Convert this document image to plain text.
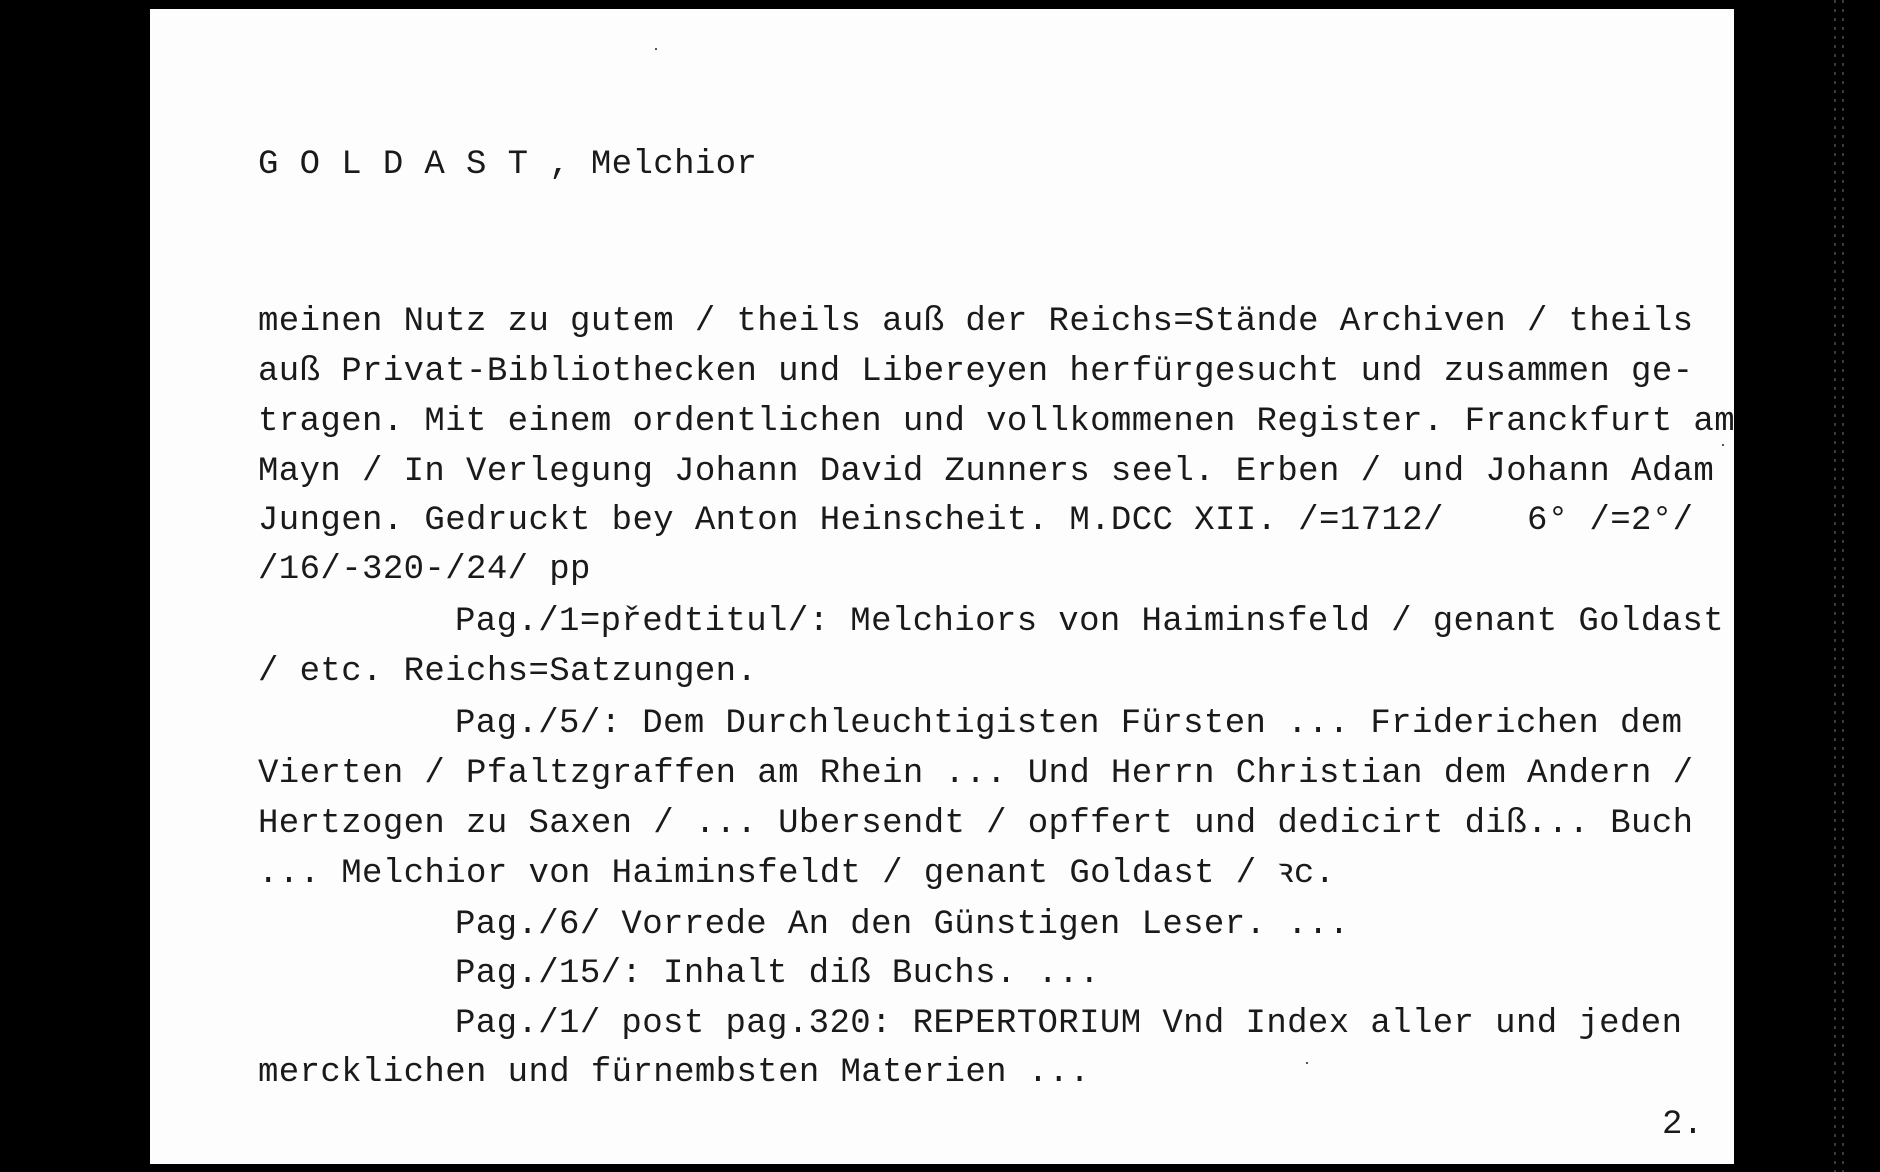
G O L D A S T , Melchior
meinen Nutz zu gutem / theils auß der Reichs=Stände Archiven / theils
auß Privat-Bibliothecken und Libereyen herfürgesucht und zusammen ge-
tragen. Mit einem ordentlichen und vollkommenen Register. Franckfurt am
Mayn / In Verlegung Johann David Zunners seel. Erben / und Johann Adam
Jungen. Gedruckt bey Anton Heinscheit. M.DCC XII. /=1712/    6° /=2°/
/16/-320-/24/ pp
Pag./1=předtitul/: Melchiors von Haiminsfeld / genant Goldast
/ etc. Reichs=Satzungen.
Pag./5/: Dem Durchleuchtigisten Fürsten ... Friderichen dem
Vierten / Pfaltzgraffen am Rhein ... Und Herrn Christian dem Andern /
Hertzogen zu Saxen / ... Ubersendt / opffert und dedicirt diß... Buch
... Melchior von Haiminsfeldt / genant Goldast / ꝛc.
Pag./6/ Vorrede An den Günstigen Leser. ...
Pag./15/: Inhalt diß Buchs. ...
Pag./1/ post pag.320: REPERTORIUM Vnd Index aller und jeden
mercklichen und fürnembsten Materien ...
2.
